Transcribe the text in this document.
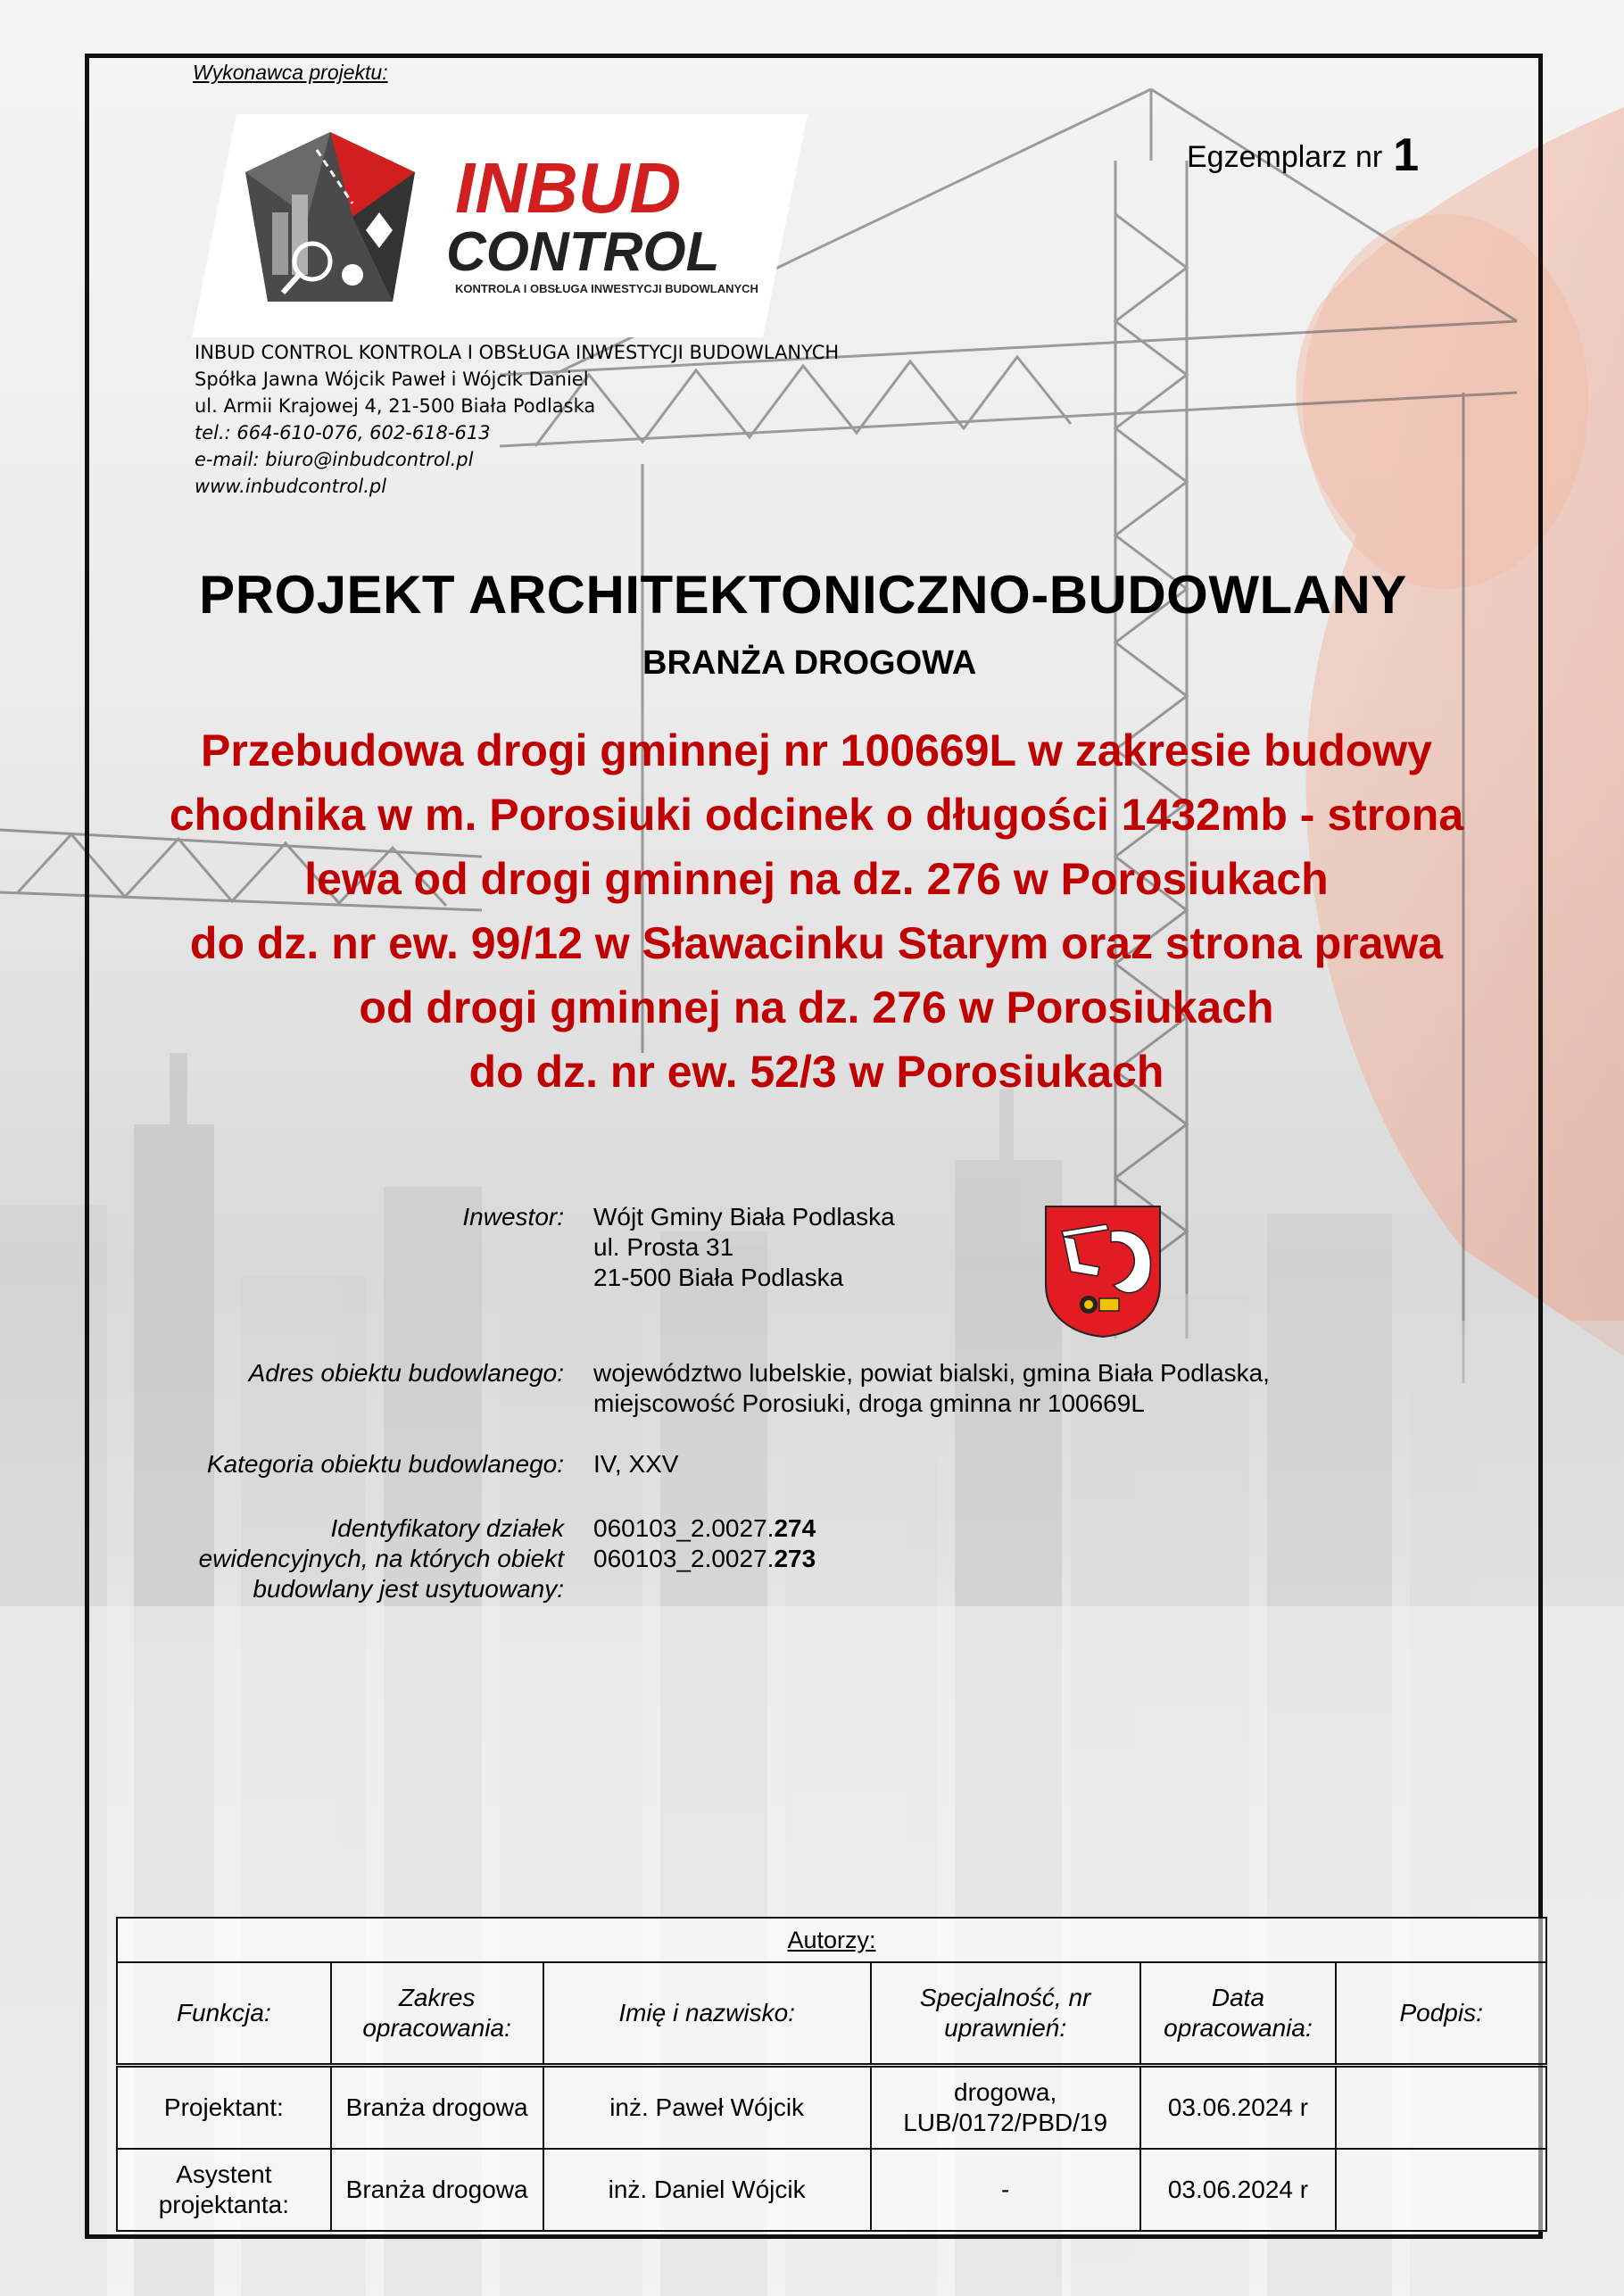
Wykonawca projektu:
INBUD
CONTROL
KONTROLA I OBSŁUGA INWESTYCJI BUDOWLANYCH
INBUD CONTROL KONTROLA I OBSŁUGA INWESTYCJI BUDOWLANYCH
Spółka Jawna Wójcik Paweł i Wójcik Daniel
ul. Armii Krajowej 4, 21-500 Biała Podlaska
tel.: 664-610-076, 602-618-613
e-mail: biuro@inbudcontrol.pl
www.inbudcontrol.pl
Egzemplarz nr 1
PROJEKT ARCHITEKTONICZNO-BUDOWLANY
BRANŻA DROGOWA
Przebudowa drogi gminnej nr 100669L w zakresie budowy
chodnika w m. Porosiuki odcinek o długości 1432mb - strona
lewa od drogi gminnej na dz. 276 w Porosiukach
do dz. nr ew. 99/12 w Sławacinku Starym oraz strona prawa
od drogi gminnej na dz. 276 w Porosiukach
do dz. nr ew. 52/3 w Porosiukach
Inwestor: Wójt Gminy Biała Podlaska
ul. Prosta 31
21-500 Biała Podlaska
Adres obiektu budowlanego: województwo lubelskie, powiat bialski, gmina Biała Podlaska,
miejscowość Porosiuki, droga gminna nr 100669L
Kategoria obiektu budowlanego: IV, XXV
Identyfikatory działek
ewidencyjnych, na których obiekt
budowlany jest usytuowany:
060103_2.0027.274
060103_2.0027.273
Autorzy:					
Funkcja:	Zakres opracowania:	Imię i nazwisko:	Specjalność, nr uprawnień:	Data opracowania:	Podpis:
Projektant:	Branża drogowa	inż. Paweł Wójcik	drogowa, LUB/0172/PBD/19	03.06.2024 r	
Asystent projektanta:	Branża drogowa	inż. Daniel Wójcik	-	03.06.2024 r	
